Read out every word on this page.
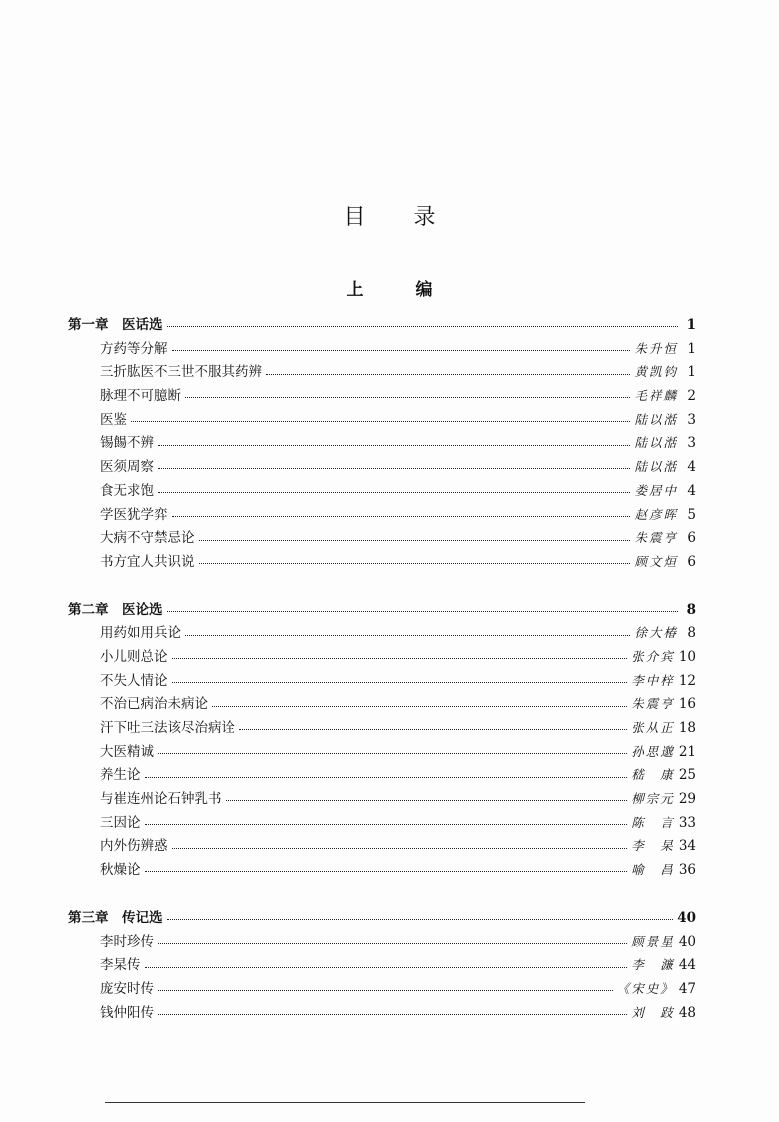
目录
上编
第一章　医话选	1
方药等分解	朱升恒 1
三折肱医不三世不服其药辨	黄凯钧 1
脉理不可臆断	毛祥麟 2
医鉴	陆以湉 3
锡餳不辨	陆以湉 3
医须周察	陆以湉 4
食无求饱	娄居中 4
学医犹学弈	赵彦晖 5
大病不守禁忌论	朱震亨 6
书方宜人共识说	顾文烜 6
第二章　医论选	8
用药如用兵论	徐大椿 8
小儿则总论	张介宾 10
不失人情论	李中梓 12
不治已病治未病论	朱震亨 16
汗下吐三法该尽治病诠	张从正 18
大医精诚	孙思邈 21
养生论	嵇　康 25
与崔连州论石钟乳书	柳宗元 29
三因论	陈　言 33
内外伤辨惑	李　杲 34
秋燥论	喻　昌 36
第三章　传记选	40
李时珍传	顾景星 40
李杲传	李　濂 44
庞安时传	《宋史》 47
钱仲阳传	刘　跂 48
